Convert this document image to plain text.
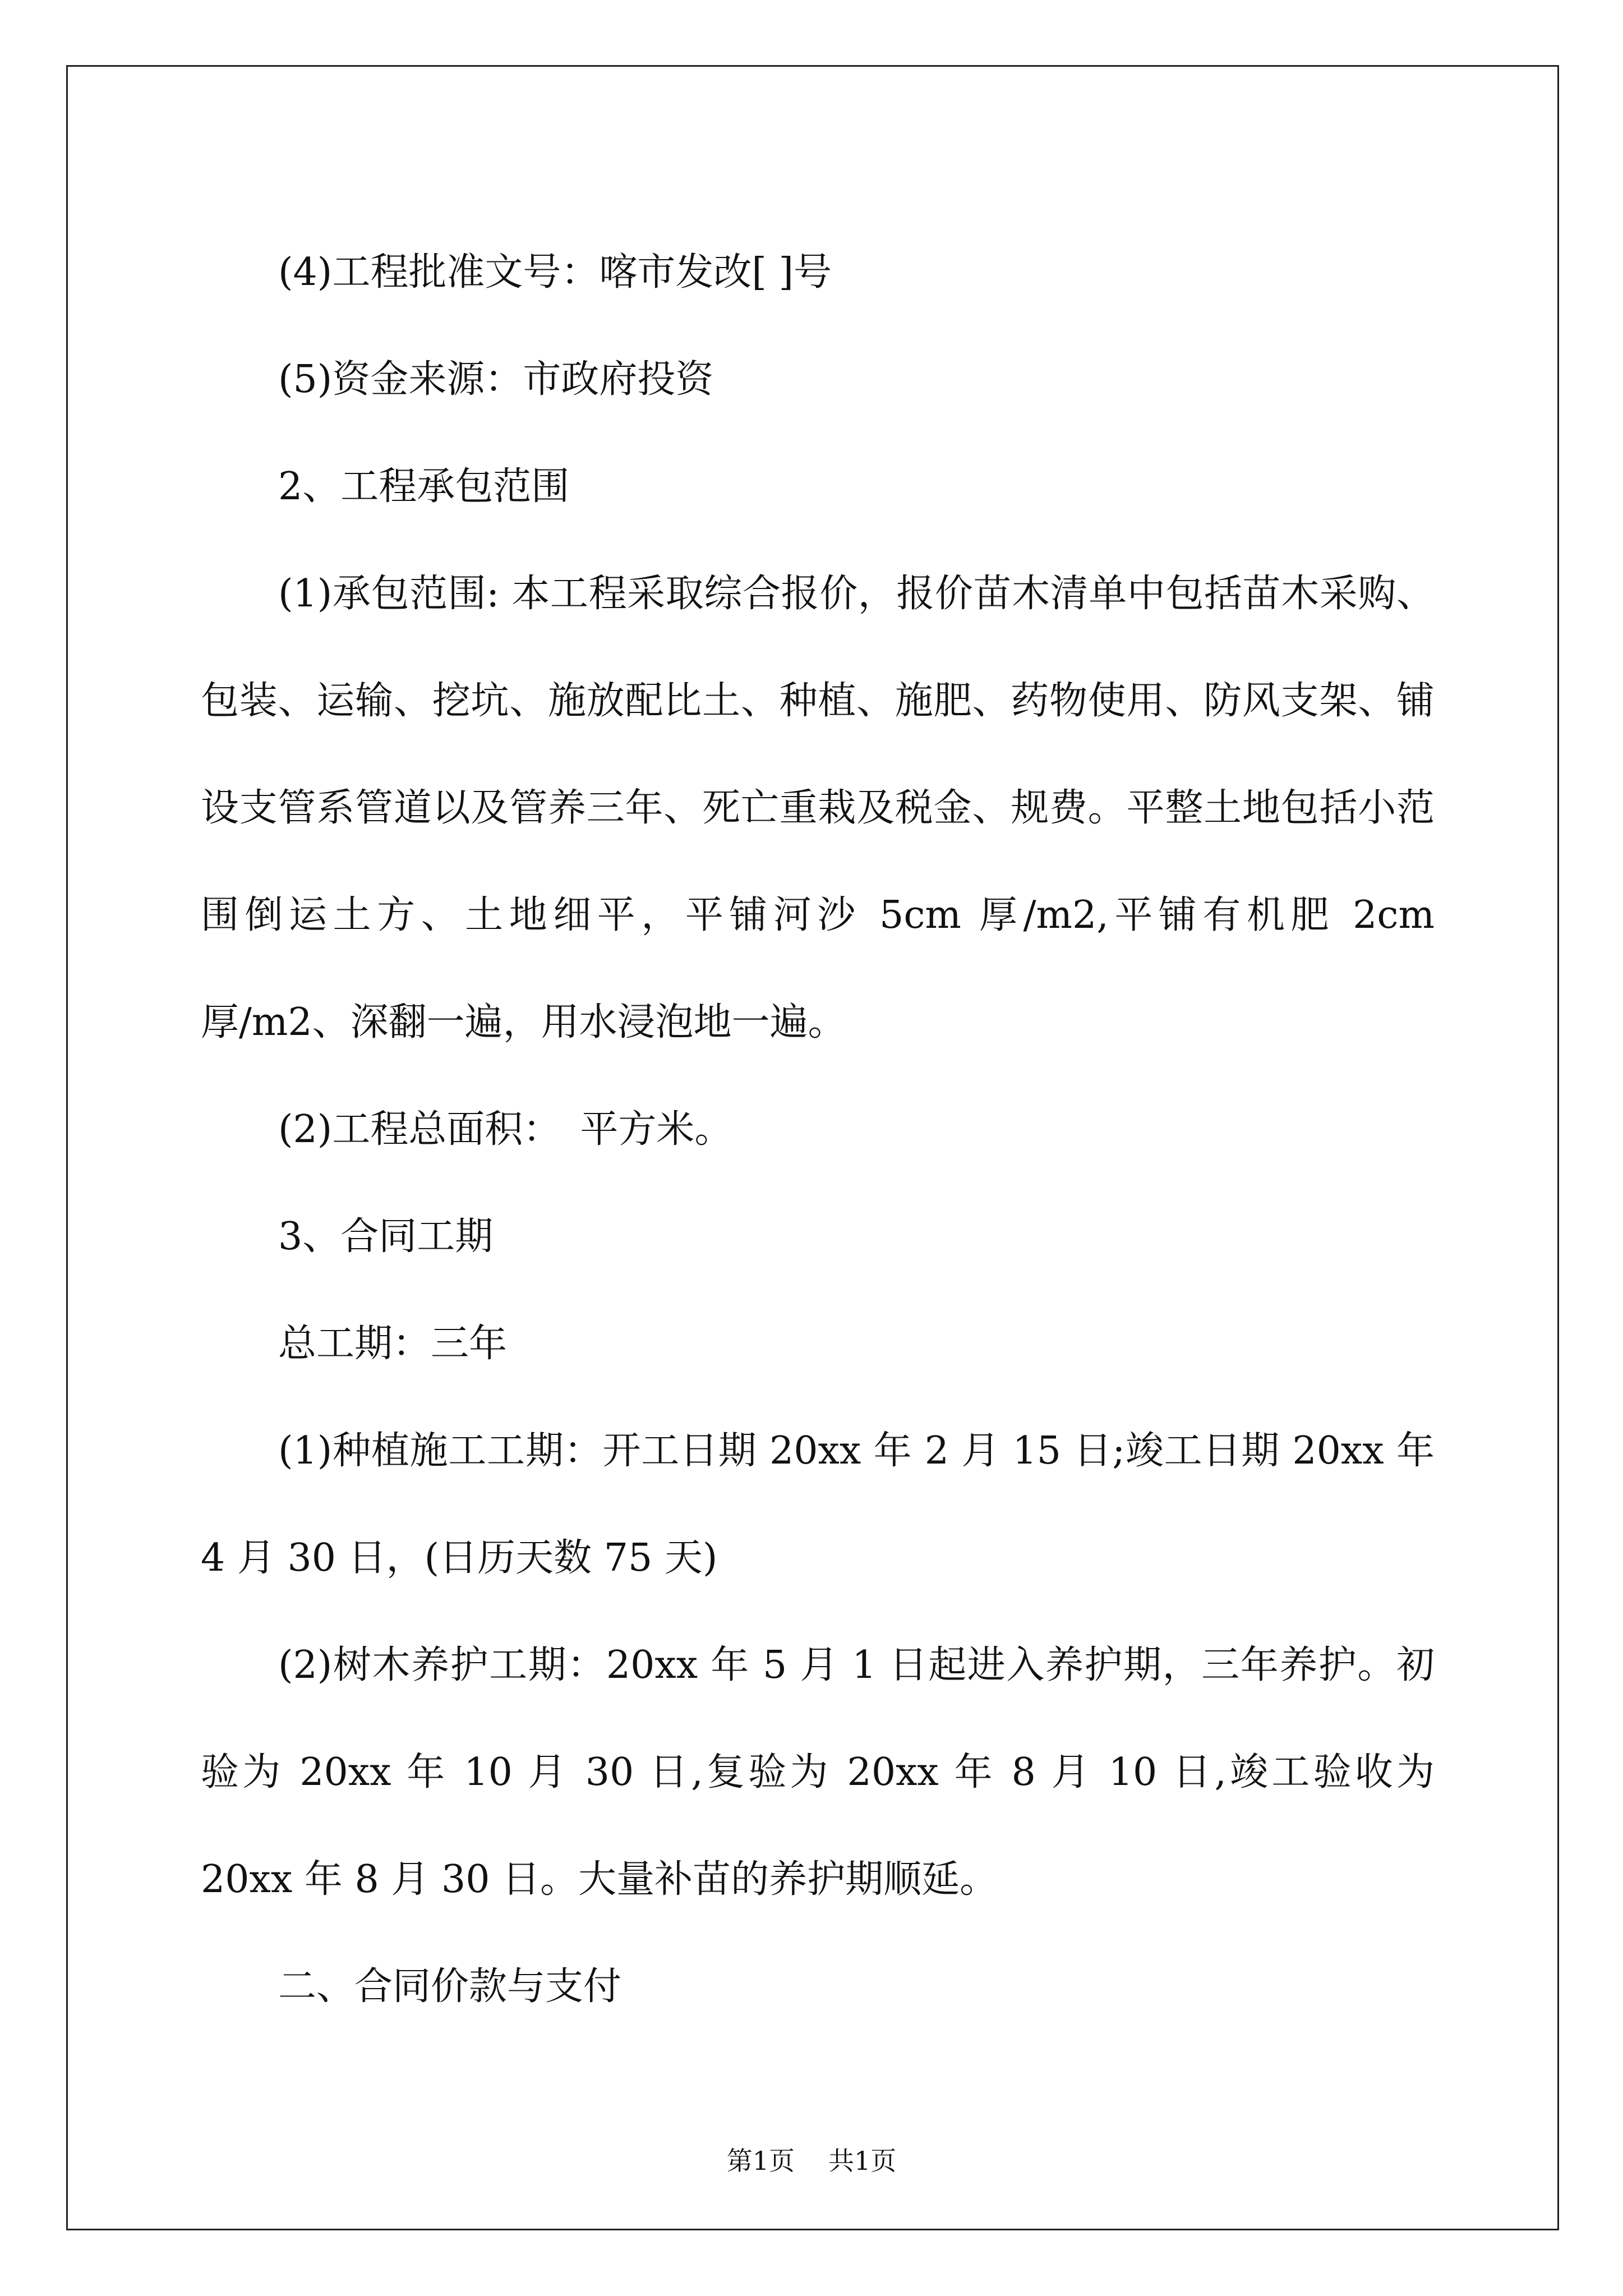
(4)工程批准文号：喀市发改[ ]号

(5)资金来源：市政府投资

2、工程承包范围

(1)承包范围: 本工程采取综合报价，报价苗木清单中包括苗木采购、包装、运输、挖坑、施放配比土、种植、施肥、药物使用、防风支架、铺设支管系管道以及管养三年、死亡重栽及税金、规费。平整土地包括小范围倒运土方、土地细平，平铺河沙 5cm 厚/m2,平铺有机肥 2cm 厚/m2、深翻一遍，用水浸泡地一遍。

(2)工程总面积：　平方米。

3、合同工期

总工期：三年

(1)种植施工工期：开工日期 20xx 年 2 月 15 日;竣工日期 20xx 年 4 月 30 日，(日历天数 75 天)

(2)树木养护工期：20xx 年 5 月 1 日起进入养护期，三年养护。初验为 20xx 年 10 月 30 日,复验为 20xx 年 8 月 10 日,竣工验收为 20xx 年 8 月 30 日。大量补苗的养护期顺延。

二、合同价款与支付

第1页 共1页
